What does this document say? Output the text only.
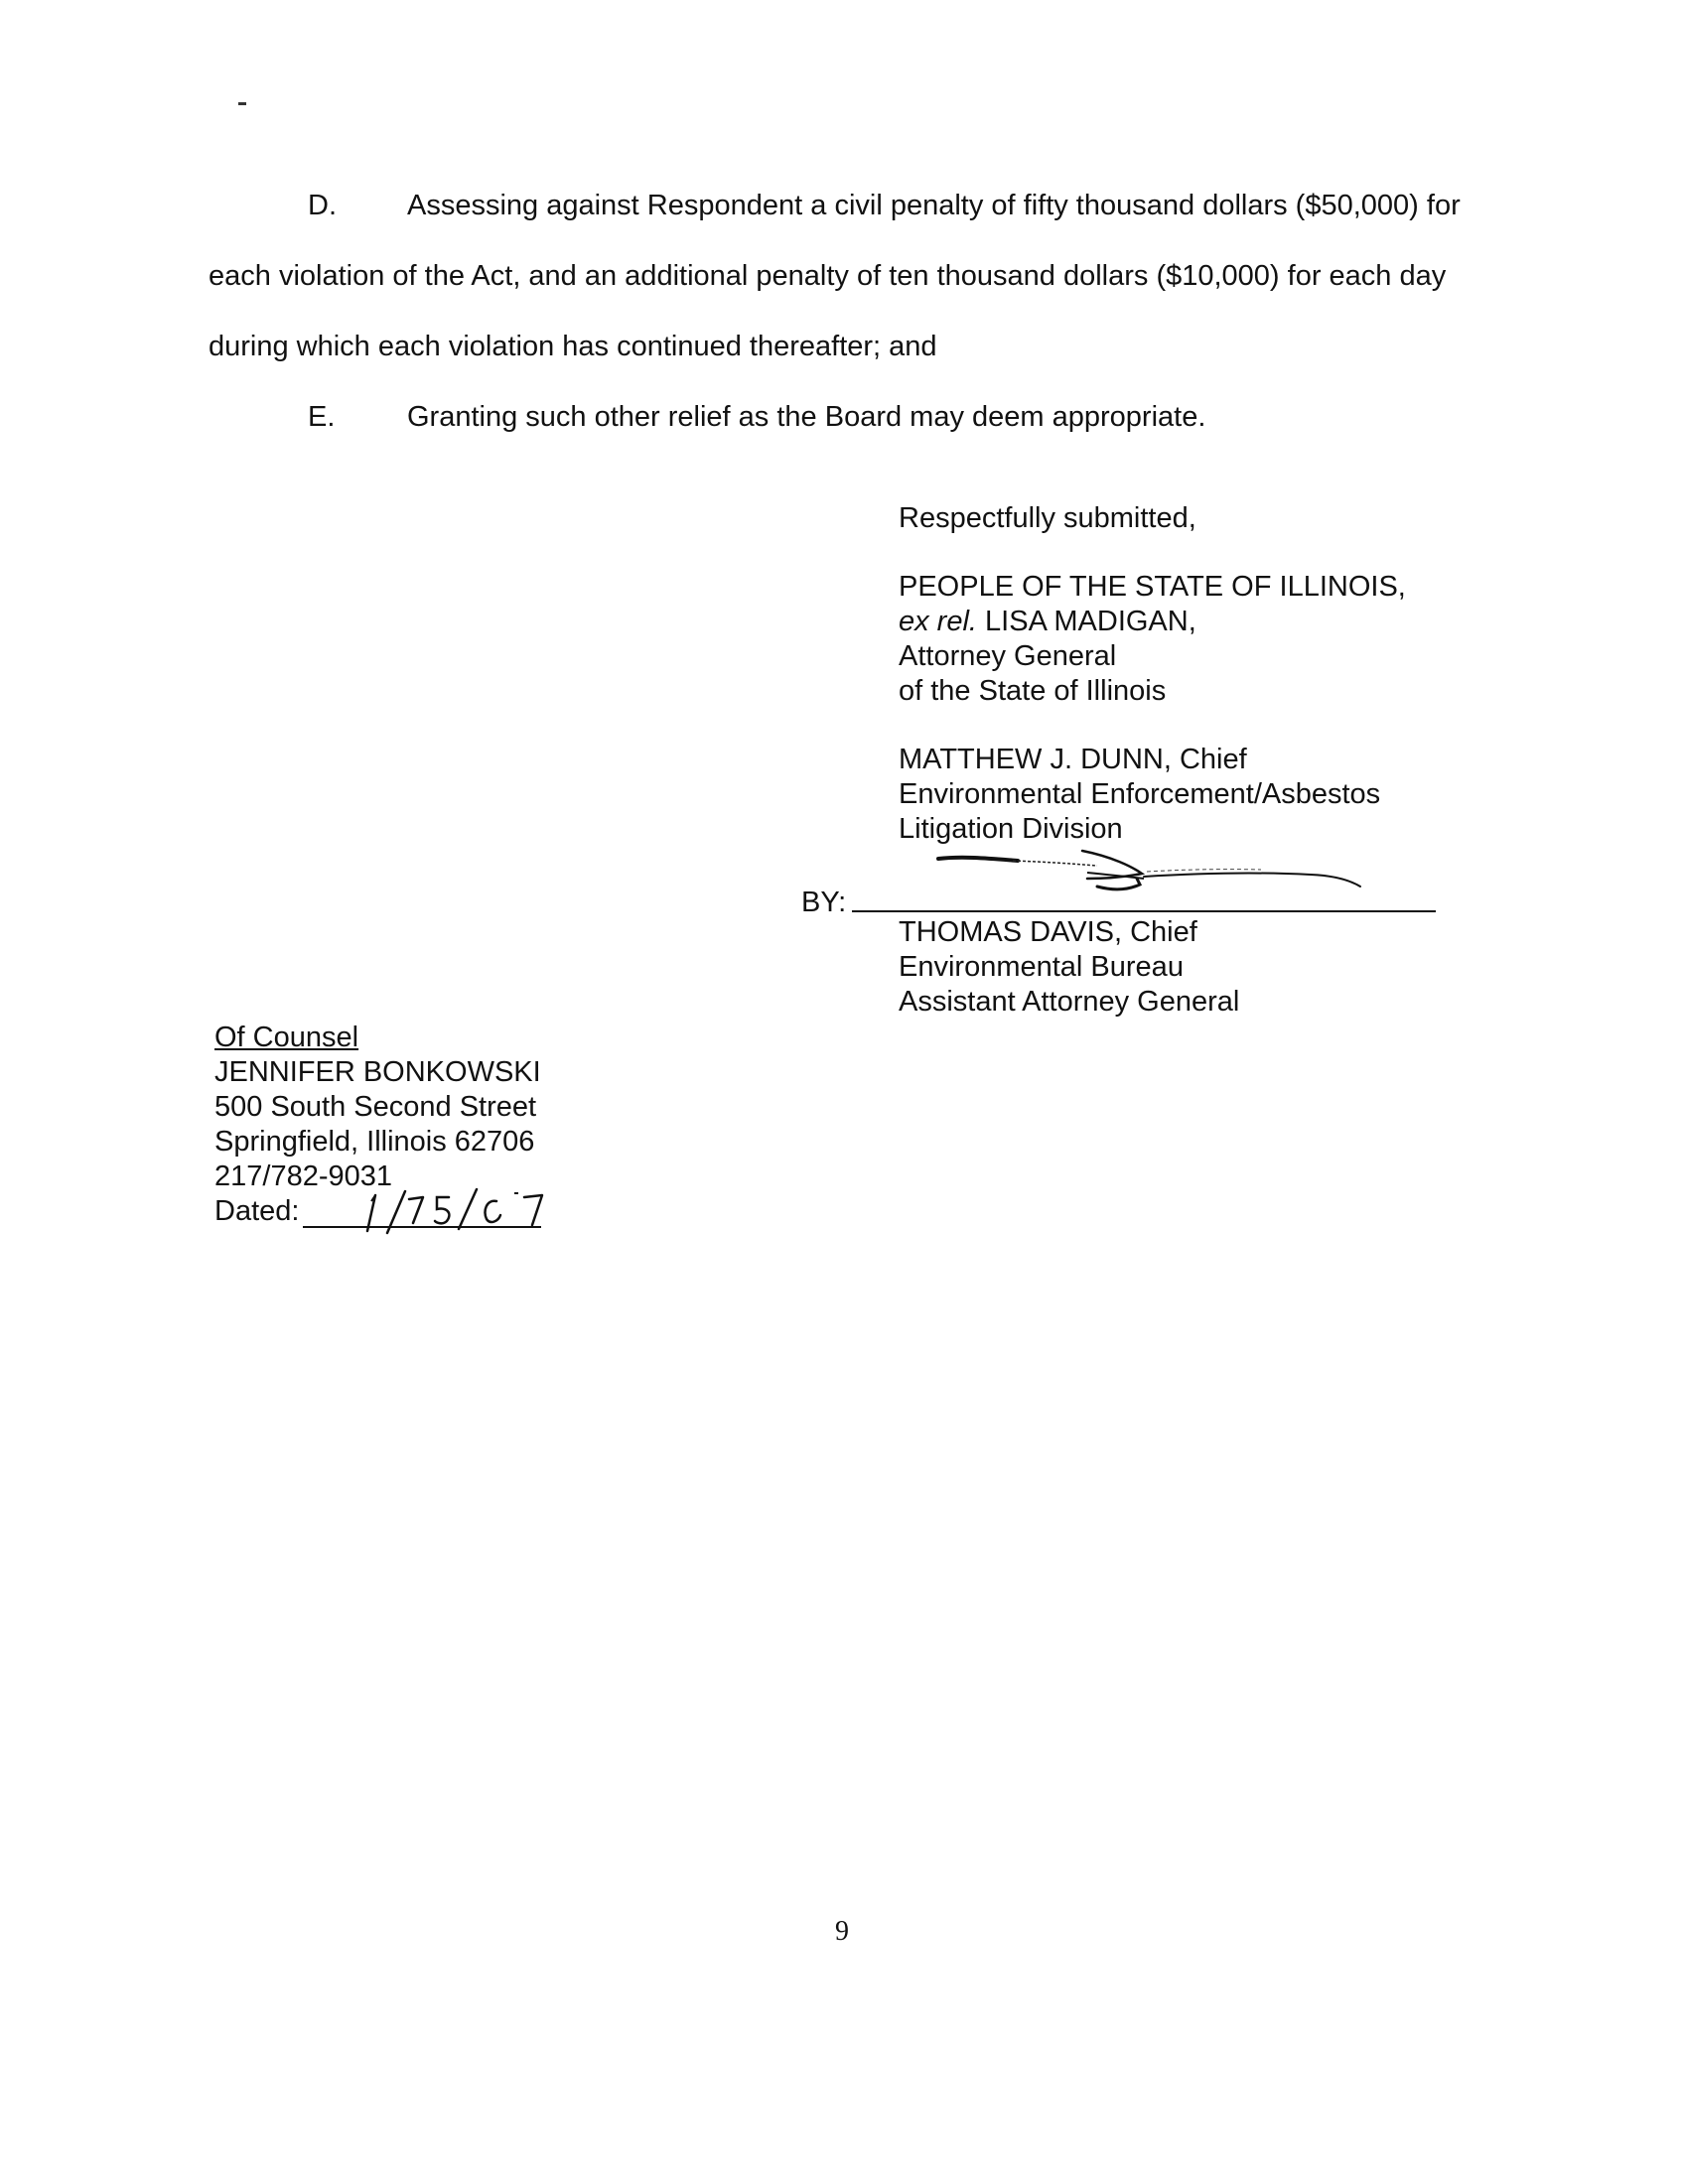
D. Assessing against Respondent a civil penalty of fifty thousand dollars ($50,000) for
each violation of the Act, and an additional penalty of ten thousand dollars ($10,000) for each day
during which each violation has continued thereafter; and
E.	Granting such other relief as the Board may deem appropriate.
Respectfully submitted,
PEOPLE OF THE STATE OF ILLINOIS,
ex rel. LISA MADIGAN,
Attorney General
of the State of Illinois
MATTHEW J. DUNN, Chief
Environmental Enforcement/Asbestos
Litigation Division
BY:
THOMAS DAVIS, Chief
Environmental Bureau
Assistant Attorney General
Of Counsel
JENNIFER BONKOWSKI
500 South Second Street
Springfield, Illinois 62706
217/782-9031
Dated:
9
